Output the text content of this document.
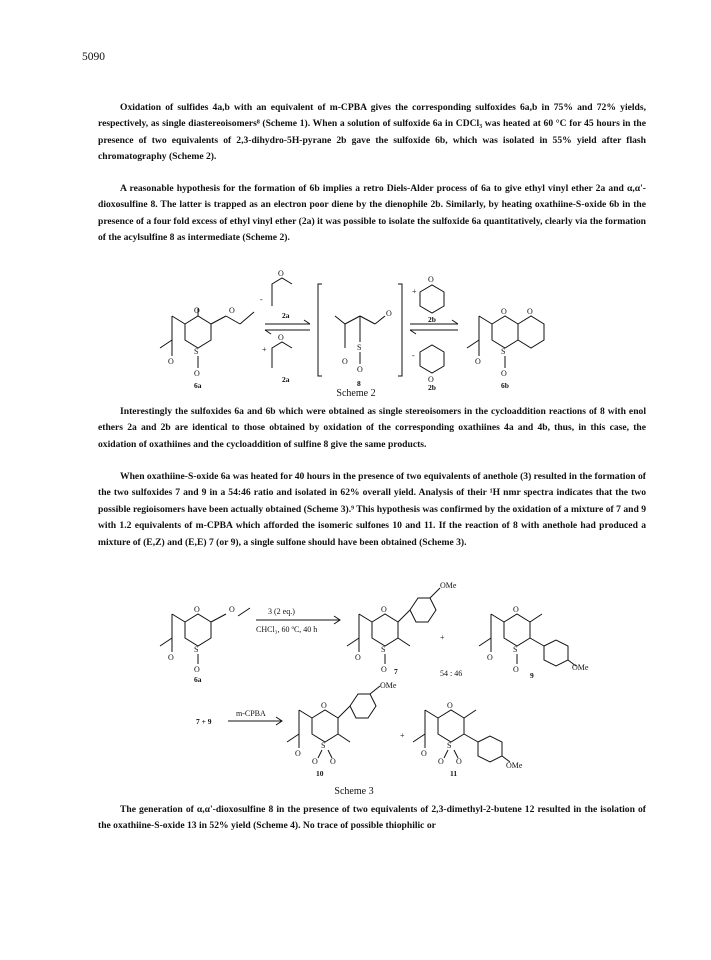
5090

Oxidation of sulfides 4a,b with an equivalent of m-CPBA gives the corresponding sulfoxides 6a,b in 75% and 72% yields, respectively, as single diastereoisomers⁸ (Scheme 1). When a solution of sulfoxide 6a in CDCl₃ was heated at 60 °C for 45 hours in the presence of two equivalents of 2,3-dihydro-5H-pyrane 2b gave the sulfoxide 6b, which was isolated in 55% yield after flash chromatography (Scheme 2).

A reasonable hypothesis for the formation of 6b implies a retro Diels-Alder process of 6a to give ethyl vinyl ether 2a and α,α'-dioxosulfine 8. The latter is trapped as an electron poor diene by the dienophile 2b. Similarly, by heating oxathiine-S-oxide 6b in the presence of a four fold excess of ethyl vinyl ether (2a) it was possible to isolate the sulfoxide 6a quantitatively, clearly via the formation of the acylsulfine 8 as intermediate (Scheme 2).

O	O
O
S
O
6a
-
O
2a
+
O
2a
O
S
O
O
8
+
O
2b
-
O
2b
O	O
O
S
O
6b
Scheme 2

Interestingly the sulfoxides 6a and 6b which were obtained as single stereoisomers in the cycloaddition reactions of 8 with enol ethers 2a and 2b are identical to those obtained by oxidation of the corresponding oxathiines 4a and 4b, thus, in this case, the oxidation of oxathiines and the cycloaddition of sulfine 8 give the same products.

When oxathiine-S-oxide 6a was heated for 40 hours in the presence of two equivalents of anethole (3) resulted in the formation of the two sulfoxides 7 and 9 in a 54:46 ratio and isolated in 62% overall yield. Analysis of their ¹H nmr spectra indicates that the two possible regioisomers have been actually obtained (Scheme 3).⁹ This hypothesis was confirmed by the oxidation of a mixture of 7 and 9 with 1.2 equivalents of m-CPBA which afforded the isomeric sulfones 10 and 11. If the reaction of 8 with anethole had produced a mixture of (E,Z) and (E,E) 7 (or 9), a single sulfone should have been obtained (Scheme 3).

O	O
O
S
O
6a
3 (2 eq.)
CHCl₃, 60 ºC, 40 h
O
OMe
O
S
O 7
+
54 : 46
O
OMe
O
S
O
9
7 + 9
m-CPBA
O
OMe
O
S
O O
10
+
O
OMe
O
S
O O
11
Scheme 3

The generation of α,α'-dioxosulfine 8 in the presence of two equivalents of 2,3-dimethyl-2-butene 12 resulted in the isolation of the oxathiine-S-oxide 13 in 52% yield (Scheme 4). No trace of possible thiophilic or
